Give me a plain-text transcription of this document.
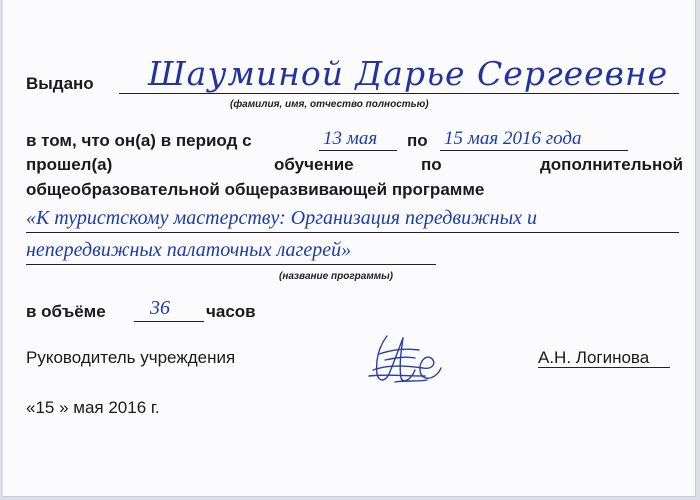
Выдано Шауминой Дарье Сергеевне
(фамилия, имя, отчество полностью)
в том, что он(а) в период с	13 мая по 15 мая 2016 года
прошел(а)	обучение	по	дополнительной
общеобразовательной общеразвивающей программе
«К туристскому мастерству: Организация передвижных и
непередвижных палаточных лагерей»
(название программы)
в объёме 36 часов
Руководитель учреждения	А.Н. Логинова
«15 » мая 2016 г.
